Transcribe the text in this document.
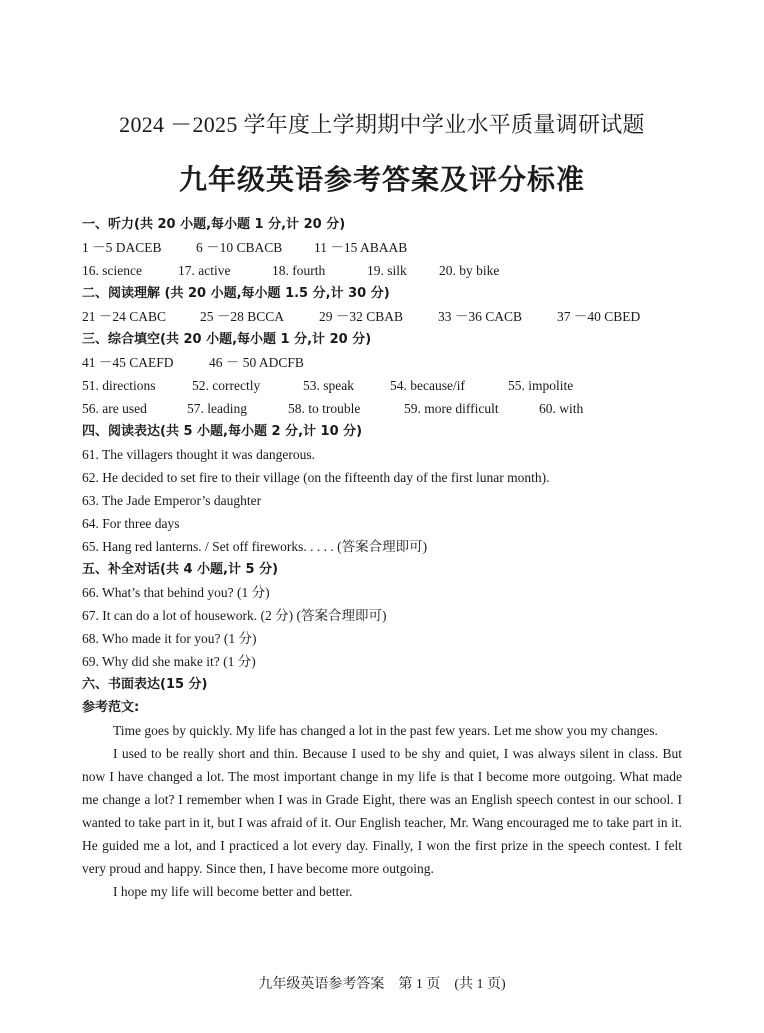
2024 －2025 学年度上学期期中学业水平质量调研试题
九年级英语参考答案及评分标准
一、听力(共 20 小题,每小题 1 分,计 20 分)
1 －5 DACEB	6 －10 CBACB 11 －15 ABAAB
16. science	17. active	18. fourth	19. silk 20. by bike
二、阅读理解 (共 20 小题,每小题 1.5 分,计 30 分)
21 －24 CABC	25 －28 BCCA	29 －32 CBAB	33 －36 CACB	37 －40 CBED
三、综合填空(共 20 小题,每小题 1 分,计 20 分)
41 －45 CAEFD	46 － 50 ADCFB
51. directions	52. correctly	53. speak	54. because/if	55. impolite
56. are used	57. leading	58. to trouble	59. more difficult	60. with
四、阅读表达(共 5 小题,每小题 2 分,计 10 分)
61. The villagers thought it was dangerous.
62. He decided to set fire to their village (on the fifteenth day of the first lunar month).
63. The Jade Emperor’s daughter
64. For three days
65. Hang red lanterns. / Set off fireworks. . . . . (答案合理即可)
五、补全对话(共 4 小题,计 5 分)
66. What’s that behind you? (1 分)
67. It can do a lot of housework. (2 分) (答案合理即可)
68. Who made it for you? (1 分)
69. Why did she make it? (1 分)
六、书面表达(15 分)
参考范文:

Time goes by quickly. My life has changed a lot in the past few years. Let me show you my changes.

I used to be really short and thin. Because I used to be shy and quiet, I was always silent in class. But now I have changed a lot. The most important change in my life is that I become more outgoing. What made me change a lot? I remember when I was in Grade Eight, there was an English speech contest in our school. I wanted to take part in it, but I was afraid of it. Our English teacher, Mr. Wang encouraged me to take part in it. He guided me a lot, and I practiced a lot every day. Finally, I won the first prize in the speech contest. I felt very proud and happy. Since then, I have become more outgoing.

I hope my life will become better and better.

九年级英语参考答案　第 1 页　(共 1 页)
